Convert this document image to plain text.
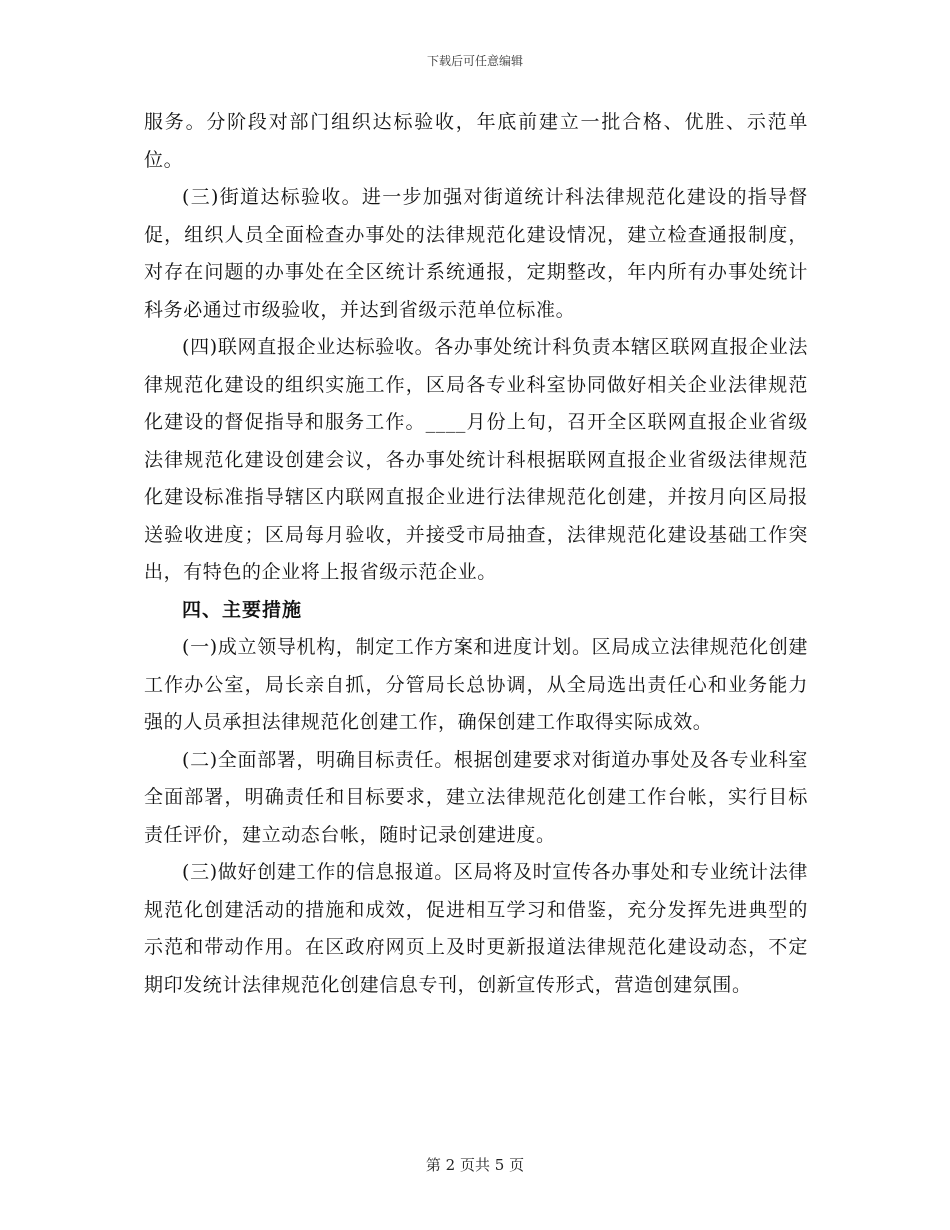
下载后可任意编辑

服务。分阶段对部门组织达标验收，年底前建立一批合格、优胜、示范单位。

(三)街道达标验收。进一步加强对街道统计科法律规范化建设的指导督促，组织人员全面检查办事处的法律规范化建设情况，建立检查通报制度，对存在问题的办事处在全区统计系统通报，定期整改，年内所有办事处统计科务必通过市级验收，并达到省级示范单位标准。

(四)联网直报企业达标验收。各办事处统计科负责本辖区联网直报企业法律规范化建设的组织实施工作，区局各专业科室协同做好相关企业法律规范化建设的督促指导和服务工作。____月份上旬，召开全区联网直报企业省级法律规范化建设创建会议，各办事处统计科根据联网直报企业省级法律规范化建设标准指导辖区内联网直报企业进行法律规范化创建，并按月向区局报送验收进度；区局每月验收，并接受市局抽查，法律规范化建设基础工作突出，有特色的企业将上报省级示范企业。

四、主要措施

(一)成立领导机构，制定工作方案和进度计划。区局成立法律规范化创建工作办公室，局长亲自抓，分管局长总协调，从全局选出责任心和业务能力强的人员承担法律规范化创建工作，确保创建工作取得实际成效。

(二)全面部署，明确目标责任。根据创建要求对街道办事处及各专业科室全面部署，明确责任和目标要求，建立法律规范化创建工作台帐，实行目标责任评价，建立动态台帐，随时记录创建进度。

(三)做好创建工作的信息报道。区局将及时宣传各办事处和专业统计法律规范化创建活动的措施和成效，促进相互学习和借鉴，充分发挥先进典型的示范和带动作用。在区政府网页上及时更新报道法律规范化建设动态，不定期印发统计法律规范化创建信息专刊，创新宣传形式，营造创建氛围。

第 2 页共 5 页
